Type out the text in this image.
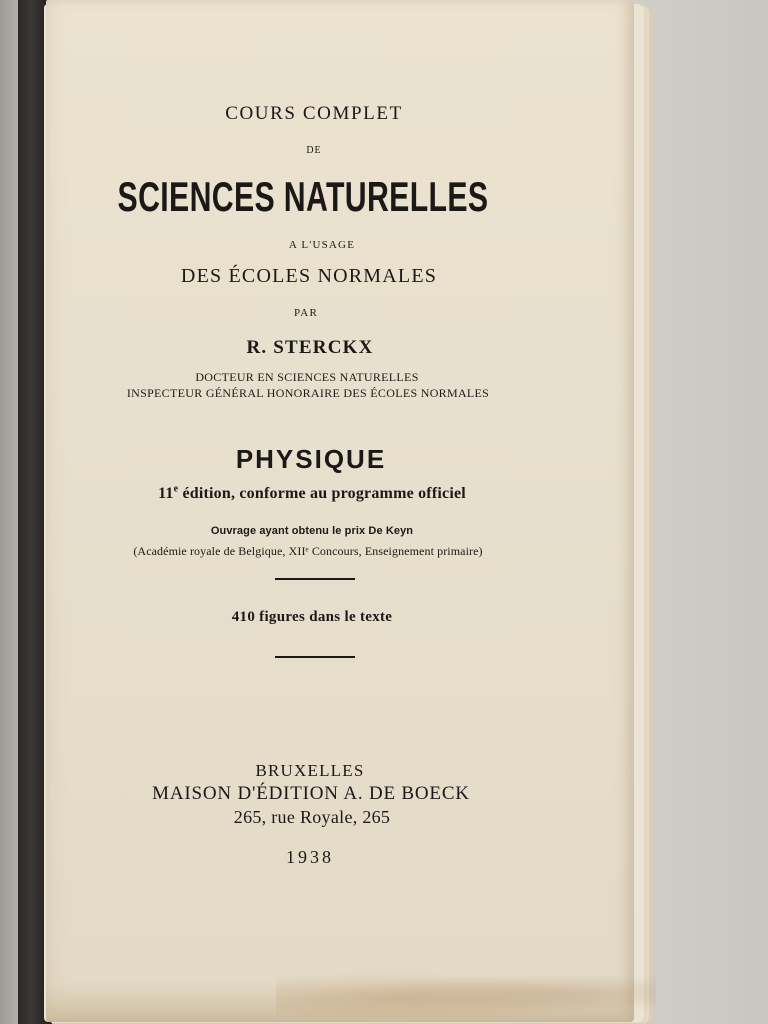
COURS COMPLET
DE
SCIENCES NATURELLES
A L'USAGE
DES ÉCOLES NORMALES
PAR
R. STERCKX
DOCTEUR EN SCIENCES NATURELLES
INSPECTEUR GÉNÉRAL HONORAIRE DES ÉCOLES NORMALES
PHYSIQUE
11e édition, conforme au programme officiel
Ouvrage ayant obtenu le prix De Keyn
(Académie royale de Belgique, XIIᵉ Concours, Enseignement primaire)
410 figures dans le texte
BRUXELLES
MAISON D'ÉDITION A. DE BOECK
265, rue Royale, 265
1938
